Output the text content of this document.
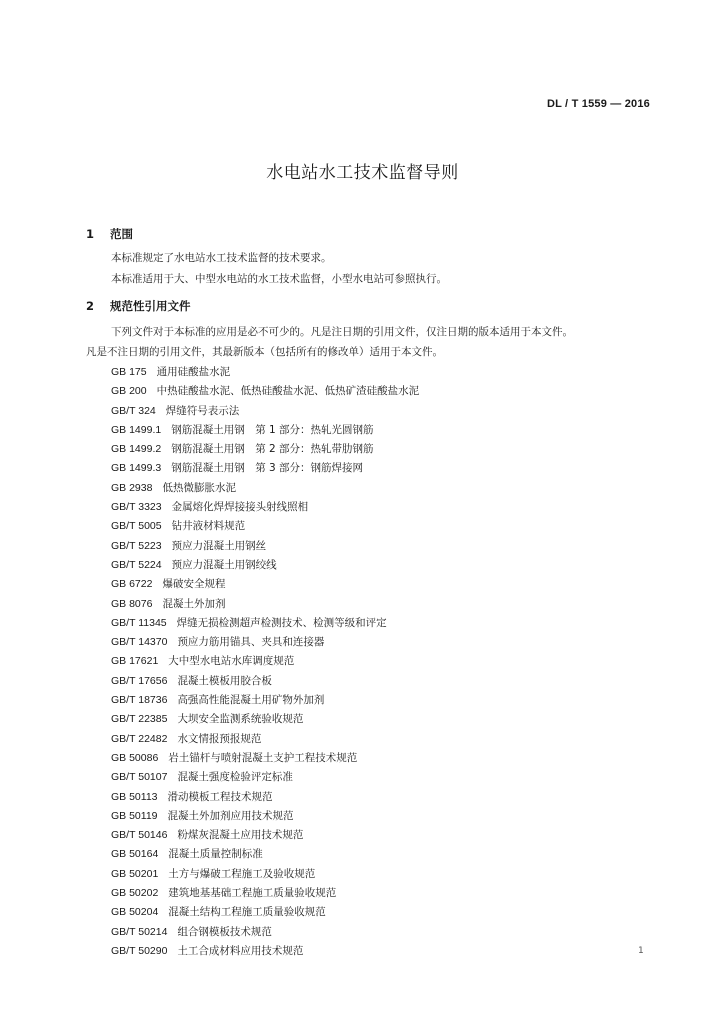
DL / T 1559 — 2016
水电站水工技术监督导则
1 范围
本标准规定了水电站水工技术监督的技术要求。
本标准适用于大、中型水电站的水工技术监督，小型水电站可参照执行。
2 规范性引用文件
下列文件对于本标准的应用是必不可少的。凡是注日期的引用文件，仅注日期的版本适用于本文件。
凡是不注日期的引用文件，其最新版本（包括所有的修改单）适用于本文件。
GB 175 通用硅酸盐水泥
GB 200 中热硅酸盐水泥、低热硅酸盐水泥、低热矿渣硅酸盐水泥
GB/T 324 焊缝符号表示法
GB 1499.1 钢筋混凝土用钢　第 1 部分：热轧光圆钢筋
GB 1499.2 钢筋混凝土用钢　第 2 部分：热轧带肋钢筋
GB 1499.3 钢筋混凝土用钢　第 3 部分：钢筋焊接网
GB 2938 低热微膨胀水泥
GB/T 3323 金属熔化焊焊接接头射线照相
GB/T 5005 钻井液材料规范
GB/T 5223 预应力混凝土用钢丝
GB/T 5224 预应力混凝土用钢绞线
GB 6722 爆破安全规程
GB 8076 混凝土外加剂
GB/T 11345 焊缝无损检测超声检测技术、检测等级和评定
GB/T 14370 预应力筋用锚具、夹具和连接器
GB 17621 大中型水电站水库调度规范
GB/T 17656 混凝土模板用胶合板
GB/T 18736 高强高性能混凝土用矿物外加剂
GB/T 22385 大坝安全监测系统验收规范
GB/T 22482 水文情报预报规范
GB 50086 岩土锚杆与喷射混凝土支护工程技术规范
GB/T 50107 混凝土强度检验评定标准
GB 50113 滑动模板工程技术规范
GB 50119 混凝土外加剂应用技术规范
GB/T 50146 粉煤灰混凝土应用技术规范
GB 50164 混凝土质量控制标准
GB 50201 土方与爆破工程施工及验收规范
GB 50202 建筑地基基础工程施工质量验收规范
GB 50204 混凝土结构工程施工质量验收规范
GB/T 50214 组合钢模板技术规范
GB/T 50290 土工合成材料应用技术规范	1
